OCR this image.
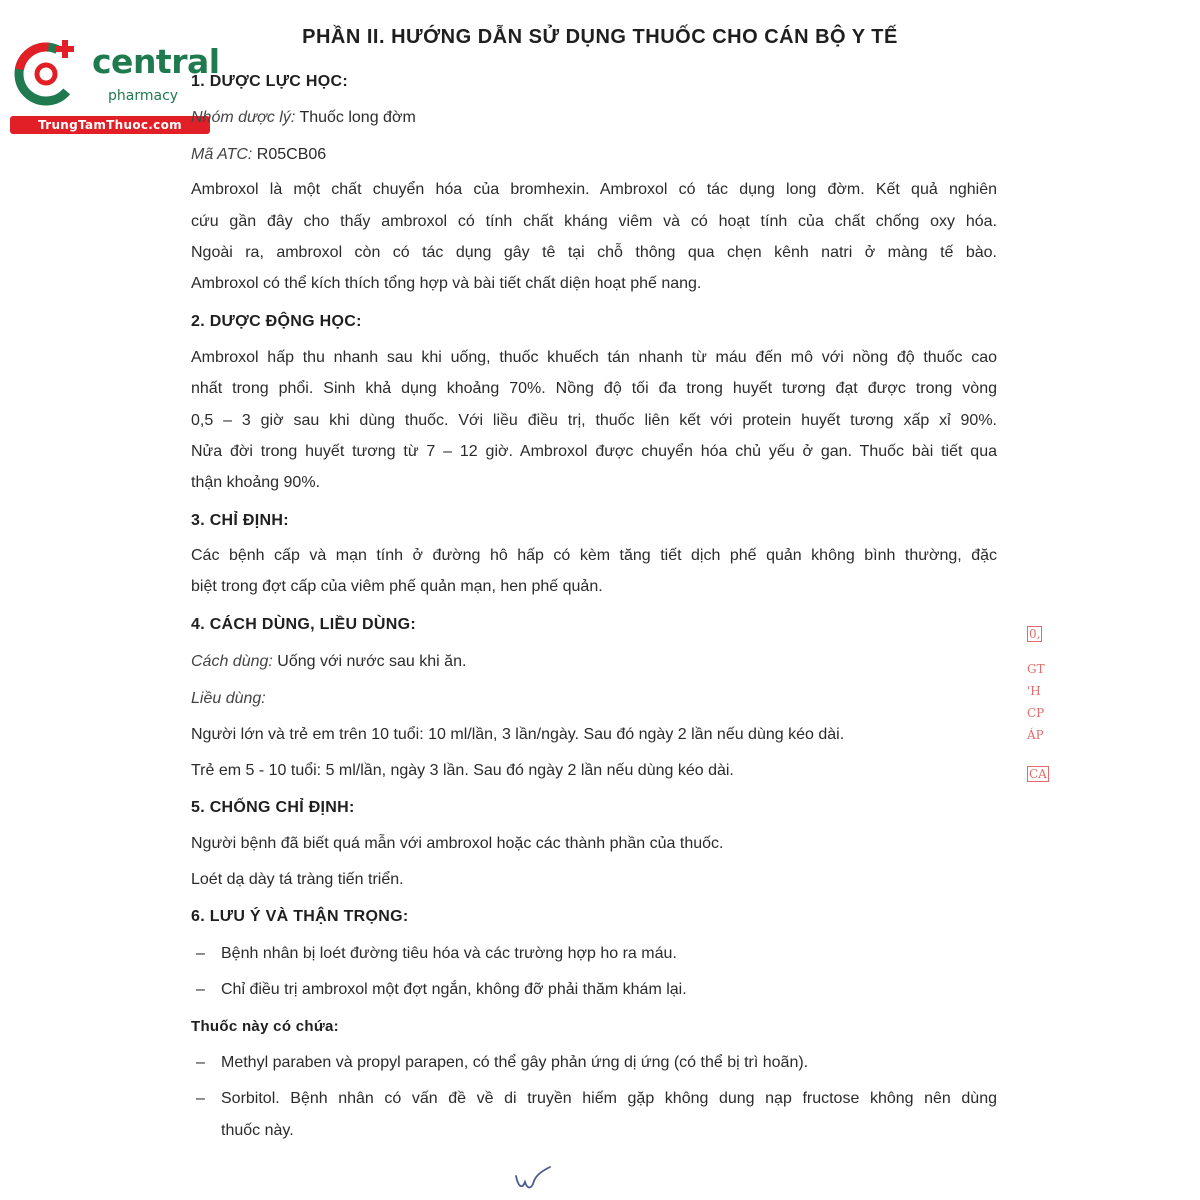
central
pharmacy
TrungTamThuoc.com
PHẦN II. HƯỚNG DẪN SỬ DỤNG THUỐC CHO CÁN BỘ Y TẾ
1. DƯỢC LỰC HỌC:
Nhóm dược lý: Thuốc long đờm
Mã ATC: R05CB06
Ambroxol là một chất chuyển hóa của bromhexin. Ambroxol có tác dụng long đờm. Kết quả nghiên
cứu gần đây cho thấy ambroxol có tính chất kháng viêm và có hoạt tính của chất chống oxy hóa.
Ngoài ra, ambroxol còn có tác dụng gây tê tại chỗ thông qua chẹn kênh natri ở màng tế bào.
Ambroxol có thể kích thích tổng hợp và bài tiết chất diện hoạt phế nang.
2. DƯỢC ĐỘNG HỌC:
Ambroxol hấp thu nhanh sau khi uống, thuốc khuếch tán nhanh từ máu đến mô với nồng độ thuốc cao
nhất trong phổi. Sinh khả dụng khoảng 70%. Nồng độ tối đa trong huyết tương đạt được trong vòng
0,5 – 3 giờ sau khi dùng thuốc. Với liều điều trị, thuốc liên kết với protein huyết tương xấp xỉ 90%.
Nửa đời trong huyết tương từ 7 – 12 giờ. Ambroxol được chuyển hóa chủ yếu ở gan. Thuốc bài tiết qua
thận khoảng 90%.
3. CHỈ ĐỊNH:
Các bệnh cấp và mạn tính ở đường hô hấp có kèm tăng tiết dịch phế quản không bình thường, đặc
biệt trong đợt cấp của viêm phế quản mạn, hen phế quản.
4. CÁCH DÙNG, LIỀU DÙNG:
Cách dùng: Uống với nước sau khi ăn.
Liều dùng:
Người lớn và trẻ em trên 10 tuổi: 10 ml/lần, 3 lần/ngày. Sau đó ngày 2 lần nếu dùng kéo dài.
Trẻ em 5 - 10 tuổi: 5 ml/lần, ngày 3 lần. Sau đó ngày 2 lần nếu dùng kéo dài.
5. CHỐNG CHỈ ĐỊNH:
Người bệnh đã biết quá mẫn với ambroxol hoặc các thành phần của thuốc.
Loét dạ dày tá tràng tiến triển.
6. LƯU Ý VÀ THẬN TRỌNG:
– Bệnh nhân bị loét đường tiêu hóa và các trường hợp ho ra máu.
– Chỉ điều trị ambroxol một đợt ngắn, không đỡ phải thăm khám lại.
Thuốc này có chứa:
– Methyl paraben và propyl parapen, có thể gây phản ứng dị ứng (có thể bị trì hoãn).
– Sorbitol. Bệnh nhân có vấn đề về di truyền hiếm gặp không dung nạp fructose không nên dùng
thuốc này.
0,
GT
'H
CP
ÁP
CA
